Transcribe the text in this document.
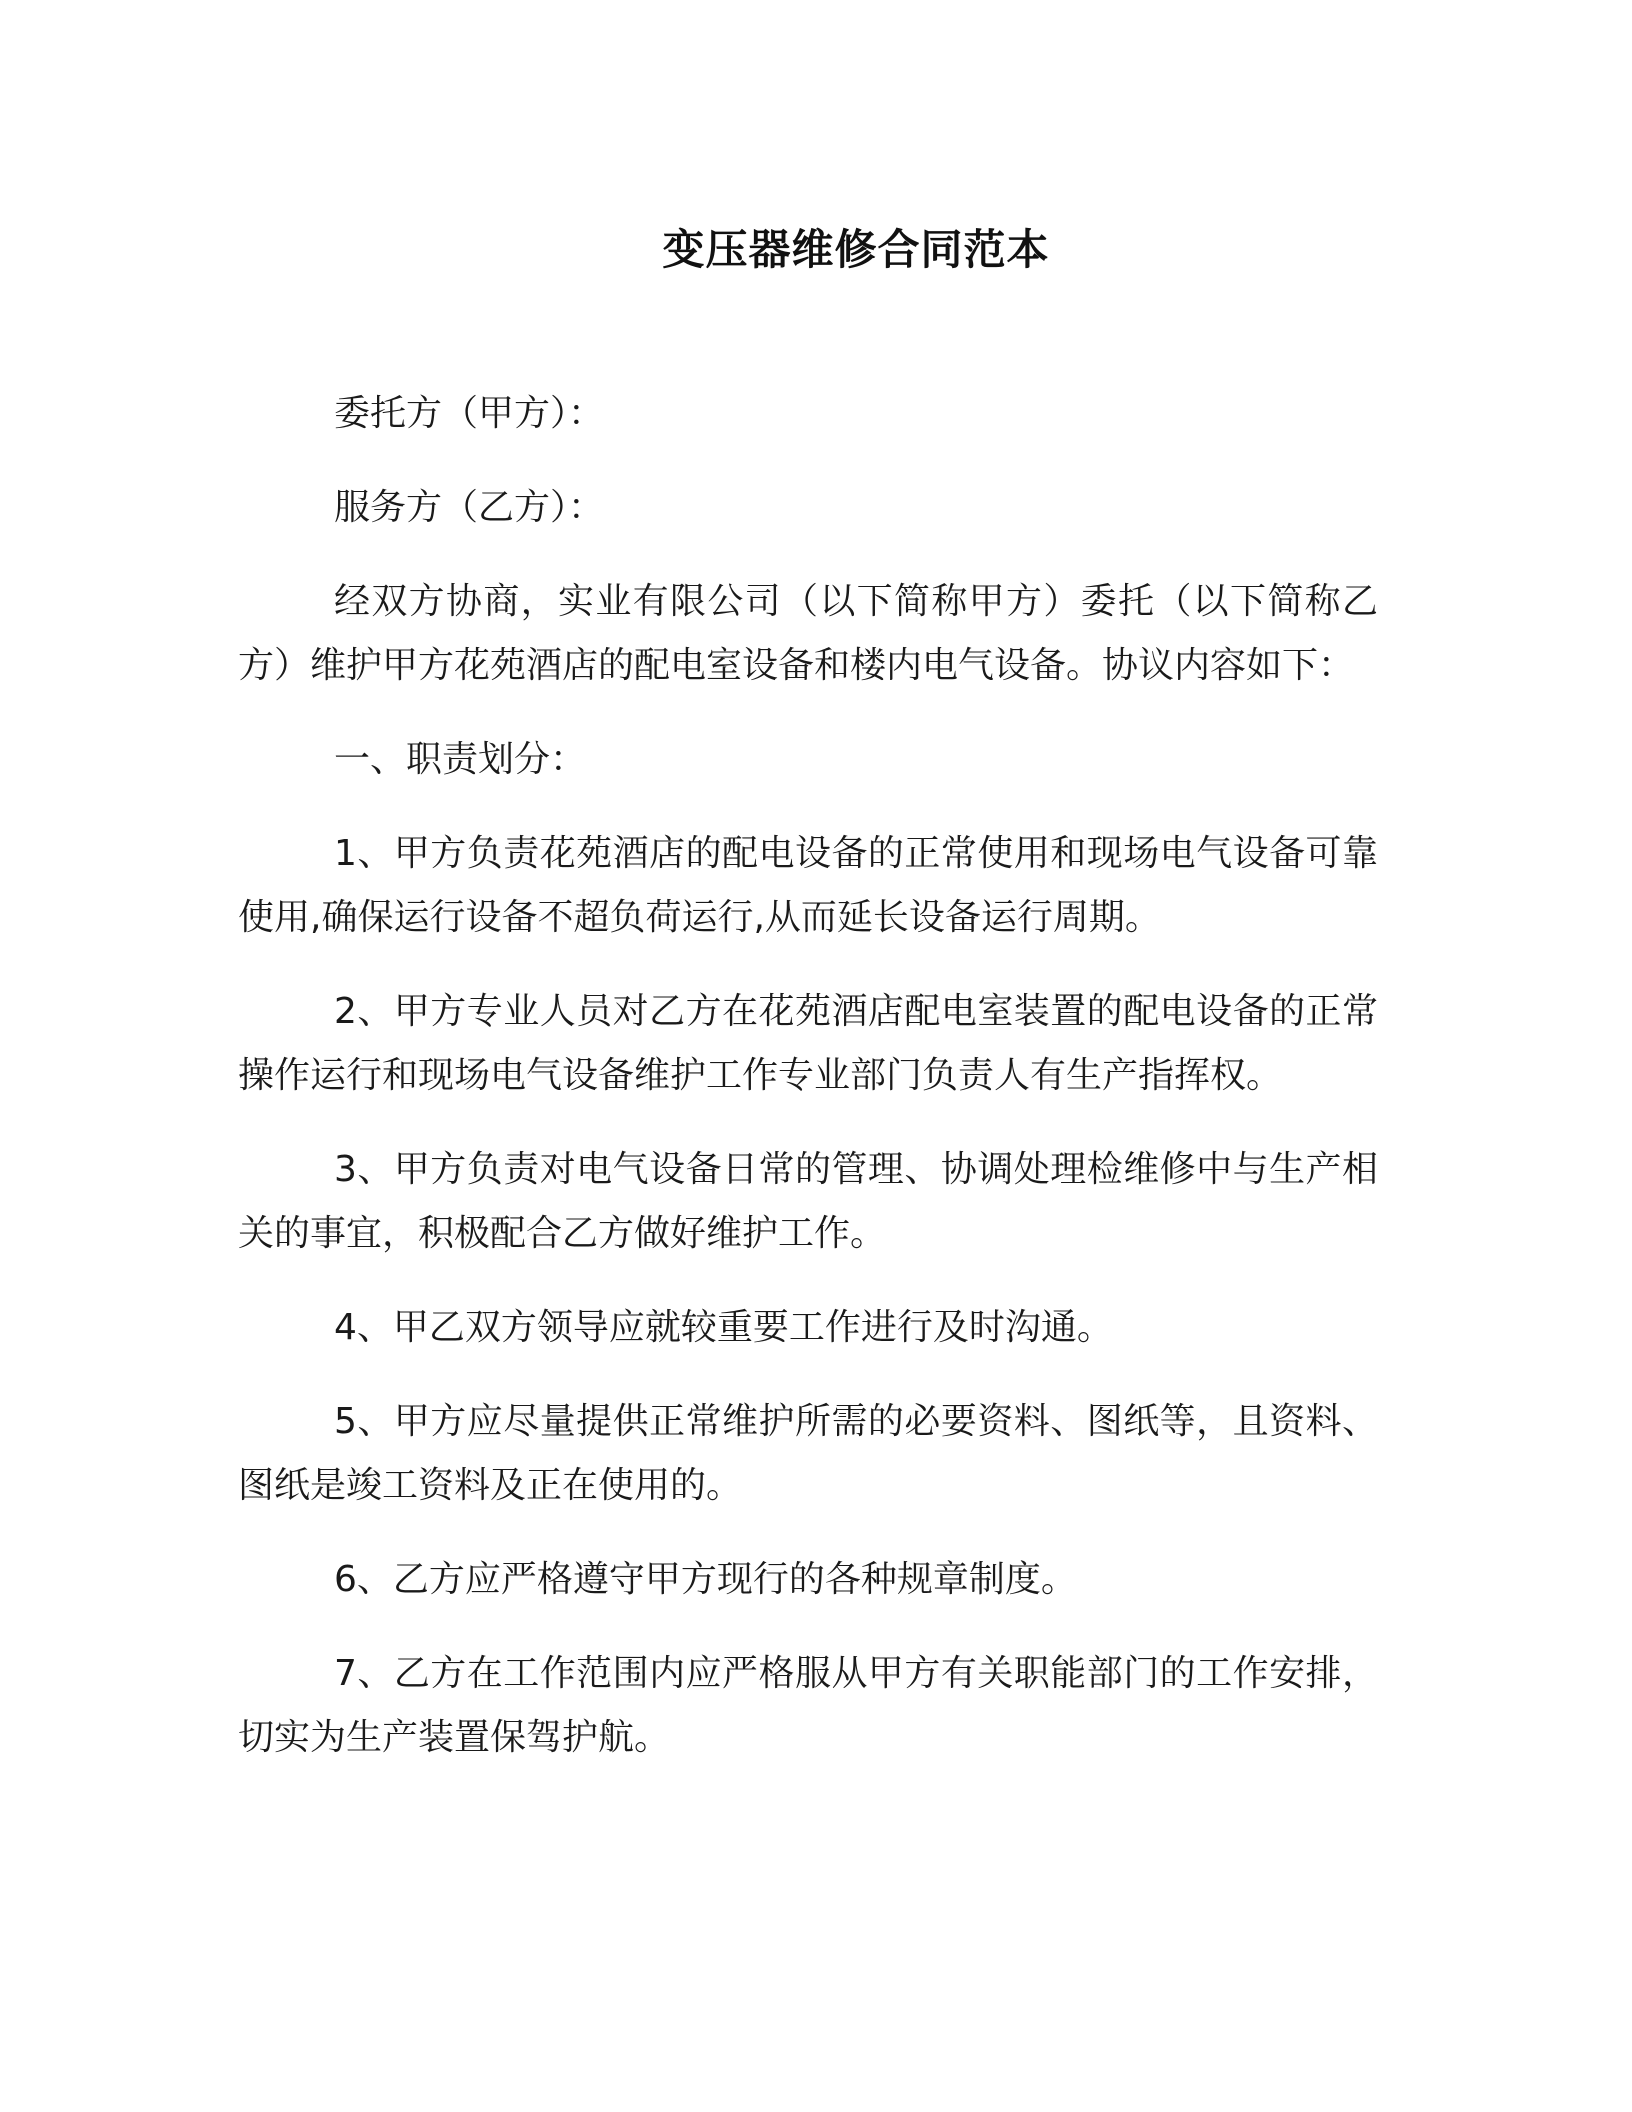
变压器维修合同范本

委托方（甲方）：

服务方（乙方）：

经双方协商，实业有限公司（以下简称甲方）委托（以下简称乙方）维护甲方花苑酒店的配电室设备和楼内电气设备。协议内容如下：

一、职责划分：

1、甲方负责花苑酒店的配电设备的正常使用和现场电气设备可靠使用,确保运行设备不超负荷运行,从而延长设备运行周期。

2、甲方专业人员对乙方在花苑酒店配电室装置的配电设备的正常操作运行和现场电气设备维护工作专业部门负责人有生产指挥权。

3、甲方负责对电气设备日常的管理、协调处理检维修中与生产相关的事宜，积极配合乙方做好维护工作。

4、甲乙双方领导应就较重要工作进行及时沟通。

5、甲方应尽量提供正常维护所需的必要资料、图纸等，且资料、图纸是竣工资料及正在使用的。

6、乙方应严格遵守甲方现行的各种规章制度。

7、乙方在工作范围内应严格服从甲方有关职能部门的工作安排，切实为生产装置保驾护航。
